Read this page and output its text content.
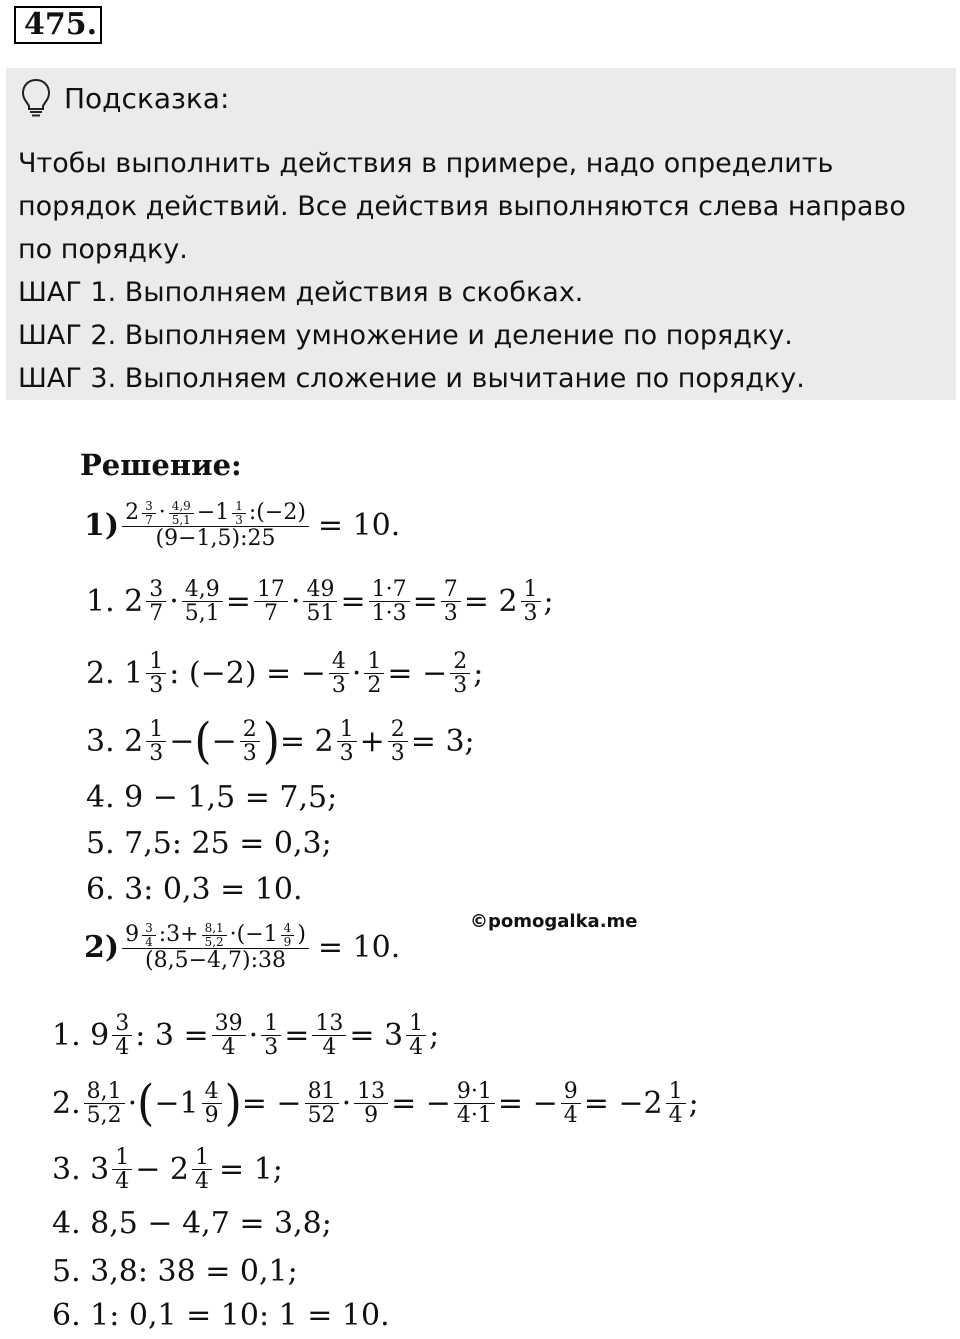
475.
Подсказка:

Чтобы выполнить действия в примере, надо определить

порядок действий. Все действия выполняются слева направо

по порядку.

ШАГ 1. Выполняем действия в скобках.

ШАГ 2. Выполняем умножение и деление по порядку.

ШАГ 3. Выполняем сложение и вычитание по порядку.

Решение:
$1) \frac{2 \frac{3}{7} \cdot \frac{4,9}{5,1} -1 \frac{1}{3} :(-2)}{(9-1,5):25} = 10$.
1. $2 \frac{3}{7} \cdot \frac{4,9}{5,1} = \frac{17}{7} \cdot \frac{49}{51} = \frac{1\cdot 7}{1\cdot 3} = \frac{7}{3} = 2 \frac{1}{3}$ ;
2. $1 \frac{1}{3}$ : (−2) = − $\frac{4}{3} \cdot \frac{1}{2}$ = − $\frac{2}{3}$ ;
3. $2 \frac{1}{3}$ − ( − $\frac{2}{3}$ ) = $2 \frac{1}{3} + \frac{2}{3} = 3$;
4. 9 − 1,5 = 7,5;
5. 7,5: 25 = 0,3;
6. 3: 0,3 = 10.
©pomogalka.me
$2) \frac{9 \frac{3}{4} :3+ \frac{8,1}{5,2} \cdot(-1 \frac{4}{9} )}{(8,5-4,7):38} = 10$.
1. $9 \frac{3}{4}$ : $3 = \frac{39}{4} \cdot \frac{1}{3} = \frac{13}{4} = 3 \frac{1}{4}$ ;
2. $\frac{8,1}{5,2}$ · ( $-1 \frac{4}{9}$ ) = − $\frac{81}{52} \cdot \frac{13}{9}$ = − $\frac{9\cdot 1}{4\cdot 1}$ = − $\frac{9}{4} = -2 \frac{1}{4}$ ;
3. $3 \frac{1}{4} - 2 \frac{1}{4} = 1$;
4. 8,5 − 4,7 = 3,8;
5. 3,8: 38 = 0,1;
6. 1: 0,1 = 10: 1 = 10.
